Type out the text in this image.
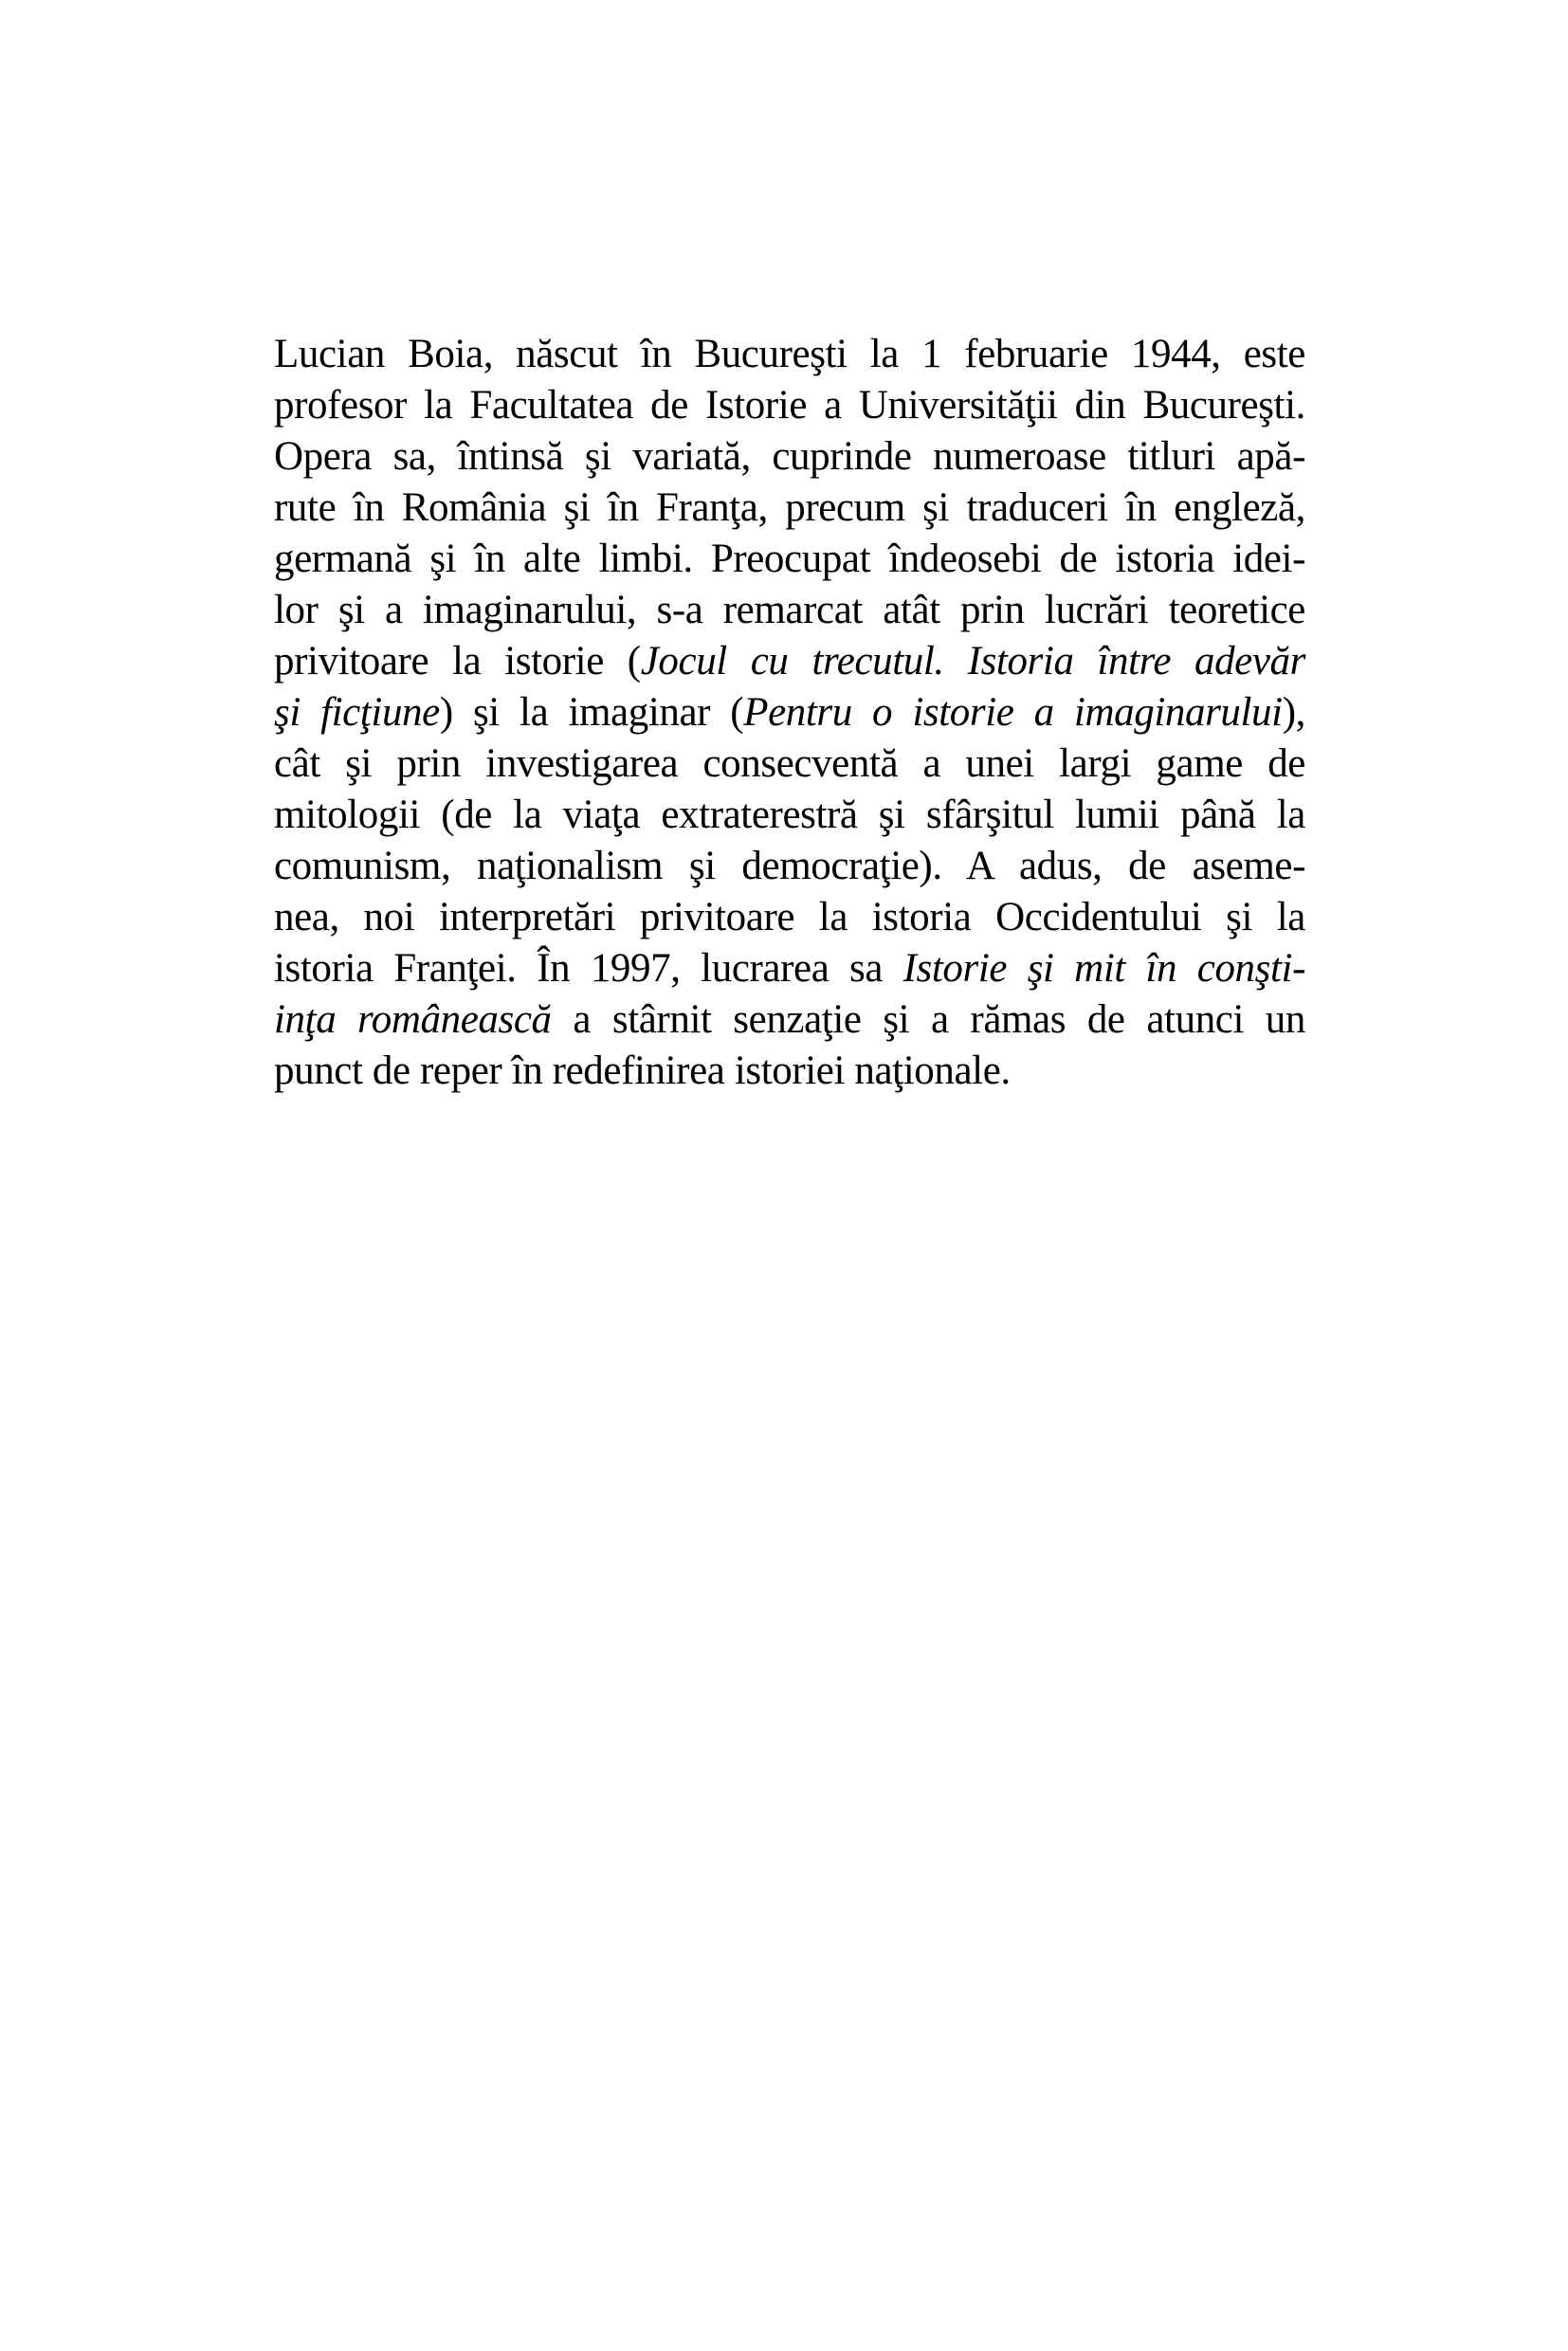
Lucian Boia, născut în Bucureşti la 1 februarie 1944, este
profesor la Facultatea de Istorie a Universităţii din Bucureşti.
Opera sa, întinsă şi variată, cuprinde numeroase titluri apă-
rute în România şi în Franţa, precum şi traduceri în engleză,
germană şi în alte limbi. Preocupat îndeosebi de istoria idei-
lor şi a imaginarului, s-a remarcat atât prin lucrări teoretice
privitoare la istorie (Jocul cu trecutul. Istoria între adevăr
şi ficţiune) şi la imaginar (Pentru o istorie a imaginarului),
cât şi prin investigarea consecventă a unei largi game de
mitologii (de la viaţa extraterestră şi sfârşitul lumii până la
comunism, naţionalism şi democraţie). A adus, de aseme-
nea, noi interpretări privitoare la istoria Occidentului şi la
istoria Franţei. În 1997, lucrarea sa Istorie şi mit în conşti-
inţa românească a stârnit senzaţie şi a rămas de atunci un
punct de reper în redefinirea istoriei naţionale.
